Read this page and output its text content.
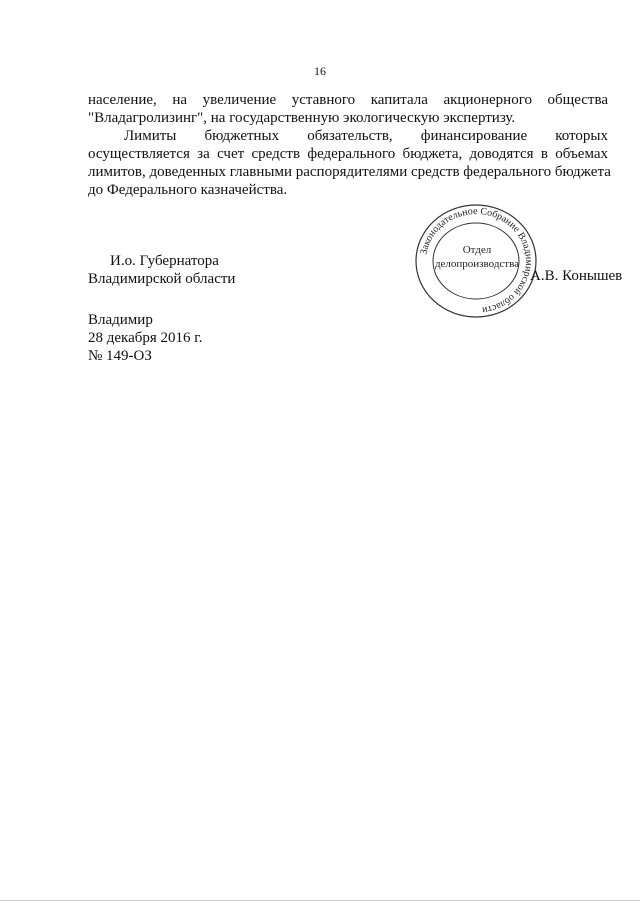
16
население, на увеличение уставного капитала акционерного общества
"Владагролизинг", на государственную экологическую экспертизу.
Лимиты бюджетных обязательств, финансирование которых
осуществляется за счет средств федерального бюджета, доводятся в объемах
лимитов, доведенных главными распорядителями средств федерального бюджета
до Федерального казначейства.
И.о. Губернатора
Владимирской области
Законодательное Собрание Владимирской области
Отдел
делопроизводства
А.В. Конышев
Владимир
28 декабря 2016 г.
№ 149-ОЗ
